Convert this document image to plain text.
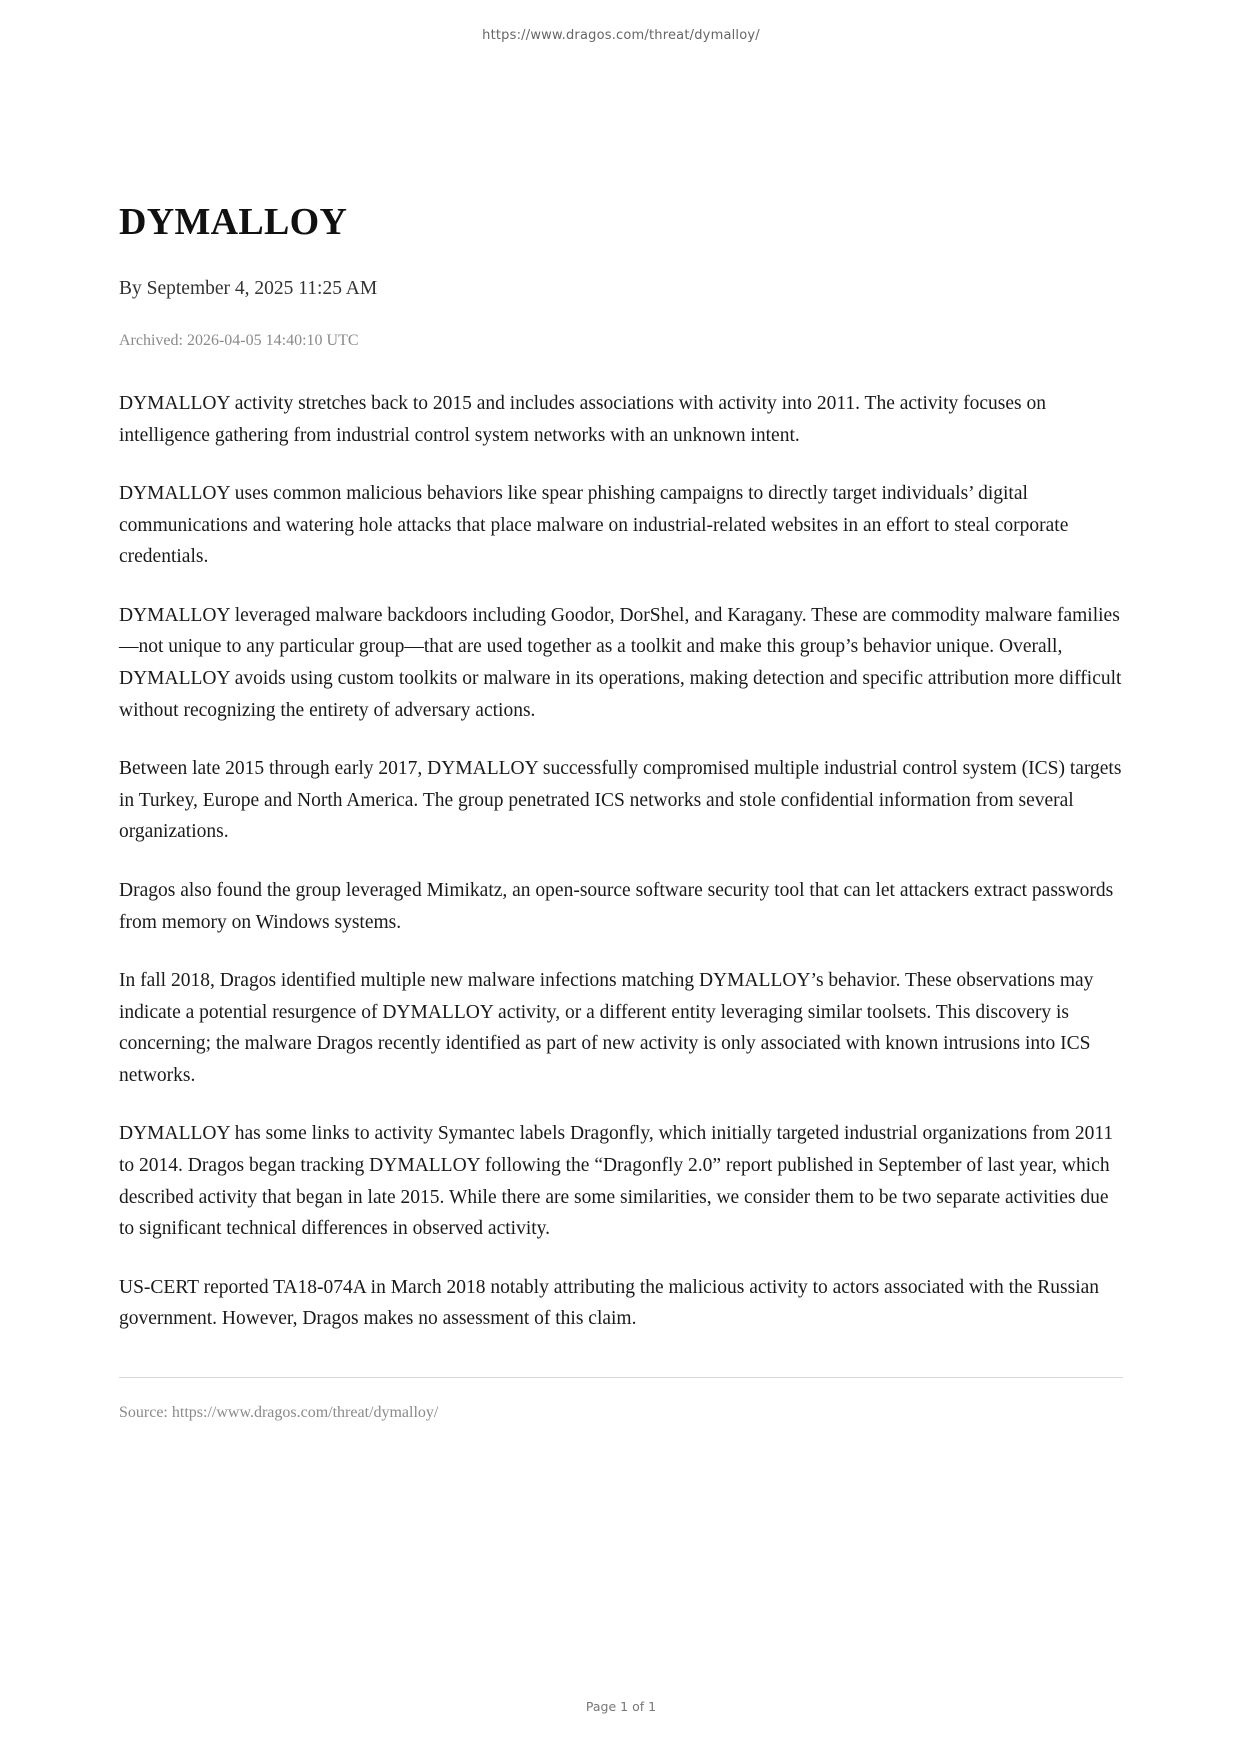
https://www.dragos.com/threat/dymalloy/
DYMALLOY
By September 4, 2025 11:25 AM
Archived: 2026-04-05 14:40:10 UTC

DYMALLOY activity stretches back to 2015 and includes associations with activity into 2011. The activity focuses on intelligence gathering from industrial control system networks with an unknown intent.

DYMALLOY uses common malicious behaviors like spear phishing campaigns to directly target individuals’ digital communications and watering hole attacks that place malware on industrial-related websites in an effort to steal corporate credentials.

DYMALLOY leveraged malware backdoors including Goodor, DorShel, and Karagany. These are commodity malware families—not unique to any particular group—that are used together as a toolkit and make this group’s behavior unique. Overall, DYMALLOY avoids using custom toolkits or malware in its operations, making detection and specific attribution more difficult without recognizing the entirety of adversary actions.

Between late 2015 through early 2017, DYMALLOY successfully compromised multiple industrial control system (ICS) targets in Turkey, Europe and North America. The group penetrated ICS networks and stole confidential information from several organizations.

Dragos also found the group leveraged Mimikatz, an open-source software security tool that can let attackers extract passwords from memory on Windows systems.

In fall 2018, Dragos identified multiple new malware infections matching DYMALLOY’s behavior. These observations may indicate a potential resurgence of DYMALLOY activity, or a different entity leveraging similar toolsets. This discovery is concerning; the malware Dragos recently identified as part of new activity is only associated with known intrusions into ICS networks.

DYMALLOY has some links to activity Symantec labels Dragonfly, which initially targeted industrial organizations from 2011 to 2014. Dragos began tracking DYMALLOY following the “Dragonfly 2.0” report published in September of last year, which described activity that began in late 2015. While there are some similarities, we consider them to be two separate activities due to significant technical differences in observed activity.

US-CERT reported TA18-074A in March 2018 notably attributing the malicious activity to actors associated with the Russian government. However, Dragos makes no assessment of this claim.

Source: https://www.dragos.com/threat/dymalloy/
Page 1 of 1
